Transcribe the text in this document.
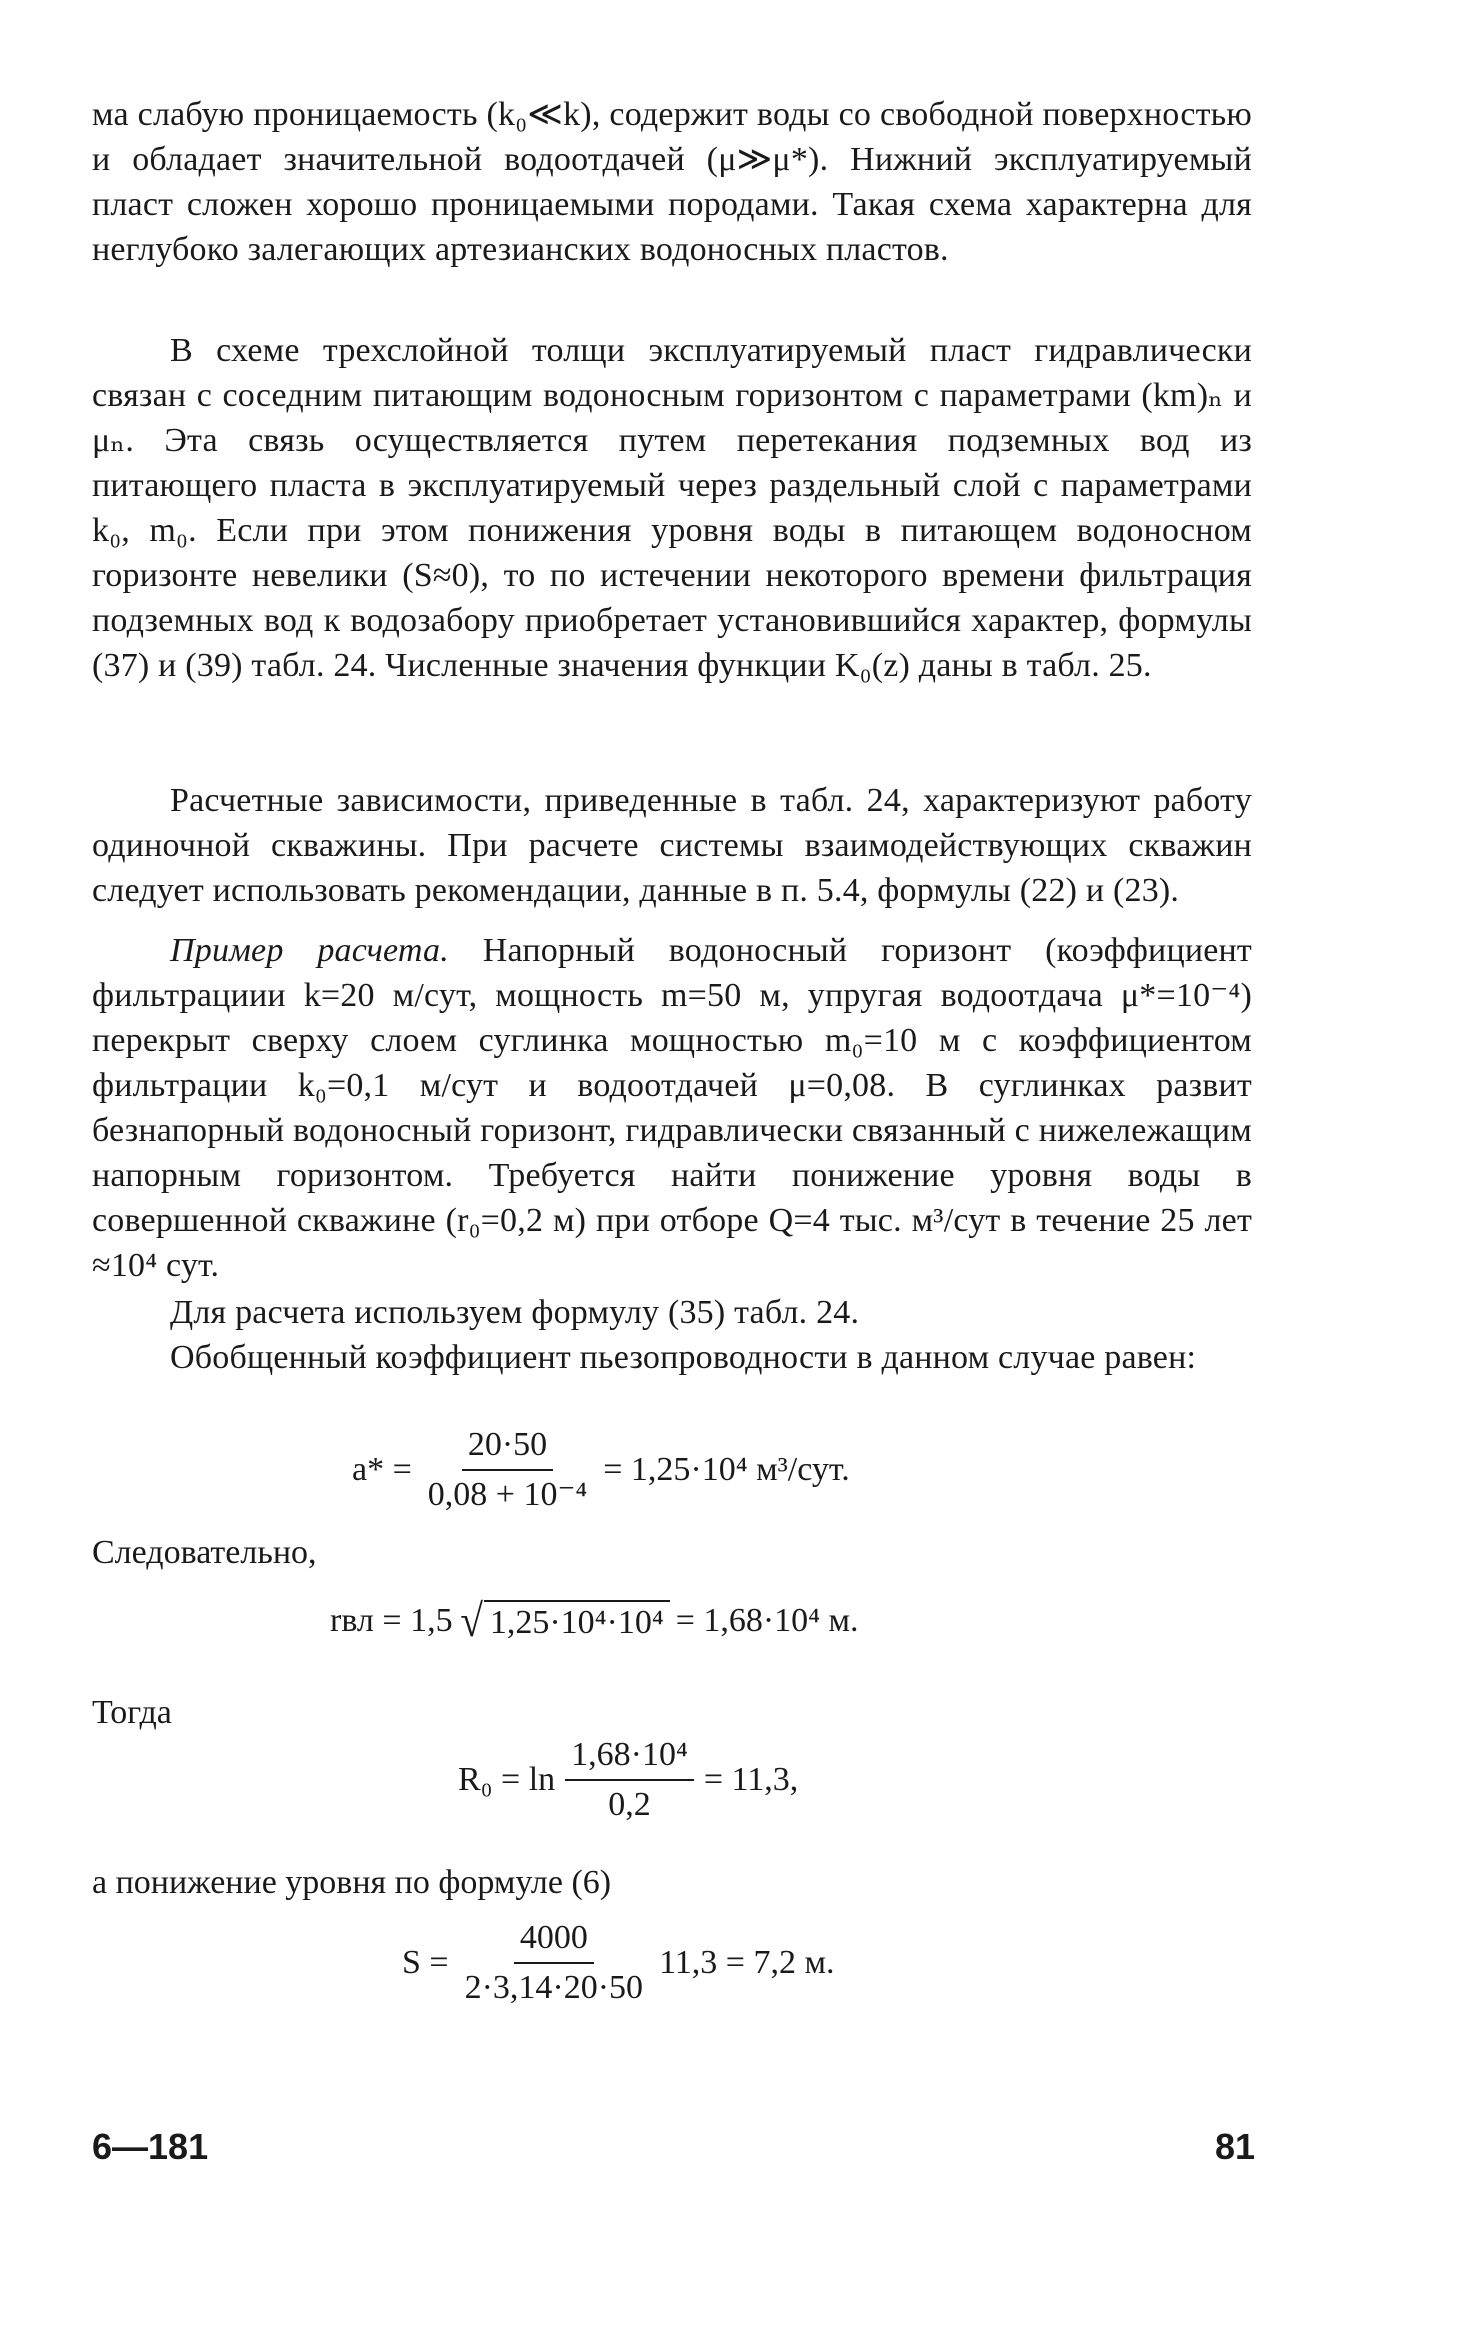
ма слабую проницаемость (k₀≪k), содержит воды со свободной поверхностью и обладает значительной водоотдачей (μ≫μ*). Нижний эксплуатируемый пласт сложен хорошо проницаемыми породами. Такая схема характерна для неглубоко залегающих артезианских водоносных пластов.

В схеме трехслойной толщи эксплуатируемый пласт гидравлически связан с соседним питающим водоносным горизонтом с параметрами (km)ₙ и μₙ. Эта связь осуществляется путем перетекания подземных вод из питающего пласта в эксплуатируемый через раздельный слой с параметрами k₀, m₀. Если при этом понижения уровня воды в питающем водоносном горизонте невелики (S≈0), то по истечении некоторого времени фильтрация подземных вод к водозабору приобретает установившийся характер, формулы (37) и (39) табл. 24. Численные значения функции K₀(z) даны в табл. 25.

Расчетные зависимости, приведенные в табл. 24, характеризуют работу одиночной скважины. При расчете системы взаимодействующих скважин следует использовать рекомендации, данные в п. 5.4, формулы (22) и (23).

Пример расчета. Напорный водоносный горизонт (коэффициент фильтрациии k=20 м/сут, мощность m=50 м, упругая водоотдача μ*=10⁻⁴) перекрыт сверху слоем суглинка мощностью m₀=10 м с коэффициентом фильтрации k₀=0,1 м/сут и водоотдачей μ=0,08. В суглинках развит безнапорный водоносный горизонт, гидравлически связанный с нижележащим напорным горизонтом. Требуется найти понижение уровня воды в совершенной скважине (r₀=0,2 м) при отборе Q=4 тыс. м³/сут в течение 25 лет ≈10⁴ сут.

Для расчета используем формулу (35) табл. 24.

Обобщенный коэффициент пьезопроводности в данном случае равен:

$a* = \frac{20\cdot 50}{\text{0,08 + 10⁻⁴}} = 1,25\cdot 10^4$ м³/сут.

Следовательно,

rвл = 1,5 √ 1,25·10⁴·10⁴ = 1,68·10⁴ м.

Тогда

$R_0 = \ln \frac{\text{1,68·10⁴}}{0,2} = 11,3$,

а понижение уровня по формуле (6)

$S = \frac{4000}{2\cdot 3,14\cdot 20\cdot 50} 11,3 = 7,2$ м.
6—181	81
